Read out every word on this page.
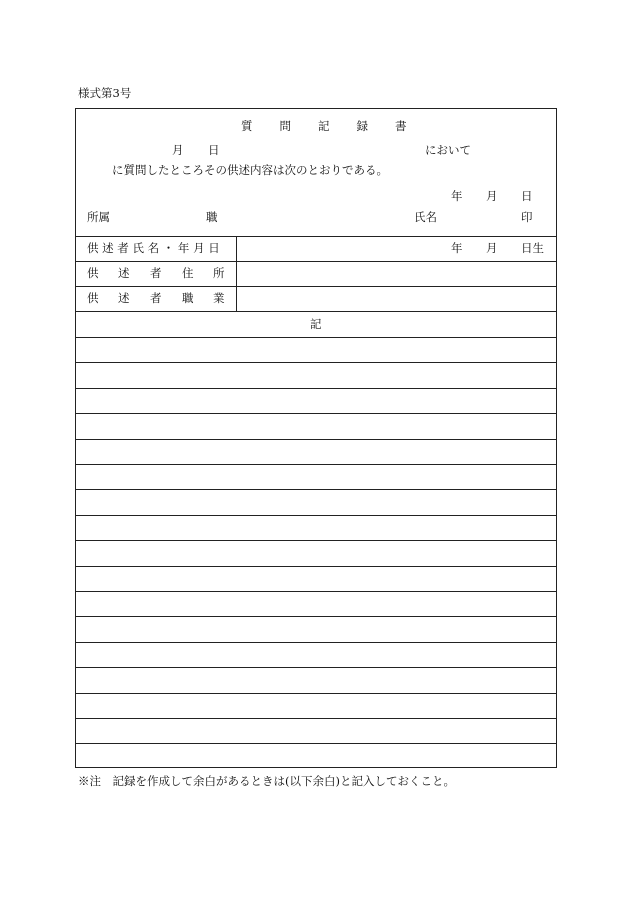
様式第3号
質 問 記 録 書
月 日	において
に質問したところその供述内容は次のとおりである。
年 月 日
所属	職	氏名	印
供 述 者 氏 名 ・ 年 月 日	年 月 日生
供 述 者 住 所
供 述 者 職 業
記
※注　記録を作成して余白があるときは(以下余白)と記入しておくこと。
